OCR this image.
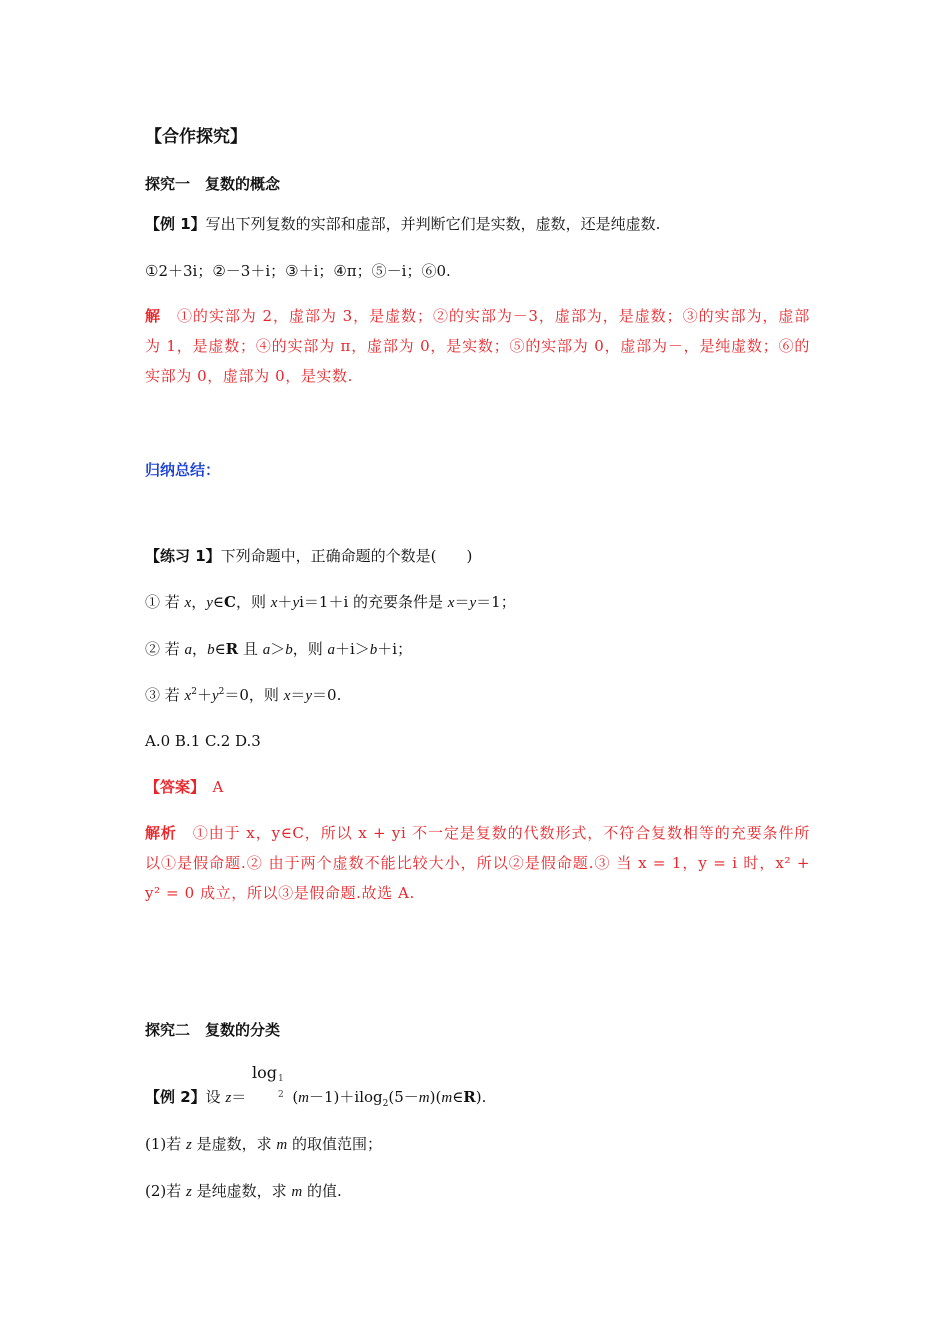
【合作探究】
探究一　复数的概念
【例 1】写出下列复数的实部和虚部，并判断它们是实数，虚数，还是纯虚数.
①2＋3i；②－3＋i；③＋i；④π；⑤－i；⑥0.
解　 ①的实部为 2，虚部为 3，是虚数；②的实部为－3，虚部为，是虚数；③的实部为，虚部为 1，是虚数；④的实部为 π，虚部为 0，是实数；⑤的实部为 0，虚部为－，是纯虚数；⑥的实部为 0，虚部为 0，是实数.
归纳总结：
【练习 1】下列命题中，正确命题的个数是(　　)
① 若 x，y∈C，则 x＋yi＝1＋i 的充要条件是 x＝y＝1；
② 若 a，b∈R 且 a＞b，则 a＋i＞b＋i；
③ 若 $x^2+y^2=0$，则 x＝y＝0.
A.0 B.1 C.2 D.3
【答案】　 A
解析　 ①由于 x，y∈C，所以 x + yi 不一定是复数的代数形式，不符合复数相等的充要条件所以①是假命题.② 由于两个虚数不能比较大小，所以②是假命题.③ 当 x = 1，y = i 时，x² + y² = 0 成立，所以③是假命题.故选 A.
探究二　复数的分类
log 1
2
【例 2】设 z＝	(m－1)＋ilog$_2$(5－m)(m∈R).
(1)若 z 是虚数，求 m 的取值范围；
(2)若 z 是纯虚数，求 m 的值.
